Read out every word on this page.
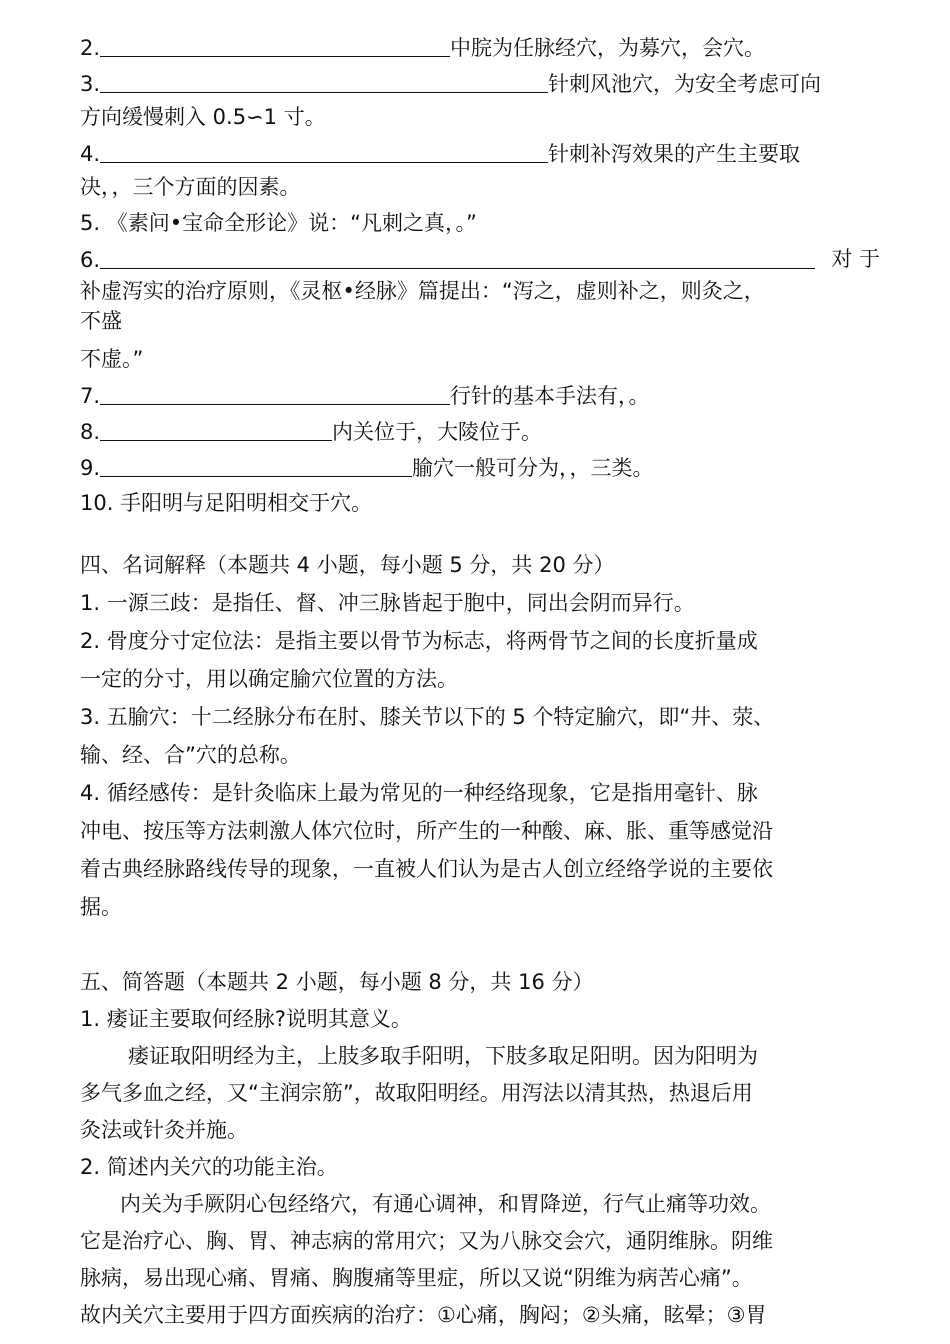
2.	中脘为任脉经穴，为募穴，会穴。
3.	针刺风池穴，为安全考虑可向
方向缓慢刺入 0.5∽1 寸。
4.	针刺补泻效果的产生主要取
决，，三个方面的因素。
5. 《素问•宝命全形论》说：“凡刺之真，。”
6.	对 于
补虚泻实的治疗原则，《灵枢•经脉》篇提出：“泻之，虚则补之，则灸之，
不盛
不虚。”
7.	行针的基本手法有，。
8.	内关位于，大陵位于。
9.	腧穴一般可分为，，三类。
10. 手阳明与足阳明相交于穴。
四、名词解释（本题共 4 小题，每小题 5 分，共 20 分）
1. 一源三歧：是指任、督、冲三脉皆起于胞中，同出会阴而异行。
2. 骨度分寸定位法：是指主要以骨节为标志，将两骨节之间的长度折量成
一定的分寸，用以确定腧穴位置的方法。
3. 五腧穴：十二经脉分布在肘、膝关节以下的 5 个特定腧穴，即“井、荥、
输、经、合”穴的总称。
4. 循经感传：是针灸临床上最为常见的一种经络现象，它是指用毫针、脉
冲电、按压等方法刺激人体穴位时，所产生的一种酸、麻、胀、重等感觉沿
着古典经脉路线传导的现象，一直被人们认为是古人创立经络学说的主要依
据。
五、简答题（本题共 2 小题，每小题 8 分，共 16 分）
1. 痿证主要取何经脉?说明其意义。
痿证取阳明经为主，上肢多取手阳明，下肢多取足阳明。因为阳明为
多气多血之经，又“主润宗筋”，故取阳明经。用泻法以清其热，热退后用
灸法或针灸并施。
2. 简述内关穴的功能主治。
内关为手厥阴心包经络穴，有通心调神，和胃降逆，行气止痛等功效。
它是治疗心、胸、胃、神志病的常用穴；又为八脉交会穴，通阴维脉。阴维
脉病，易出现心痛、胃痛、胸腹痛等里症，所以又说“阴维为病苦心痛”。
故内关穴主要用于四方面疾病的治疗：①心痛，胸闷；②头痛，眩晕；③胃
